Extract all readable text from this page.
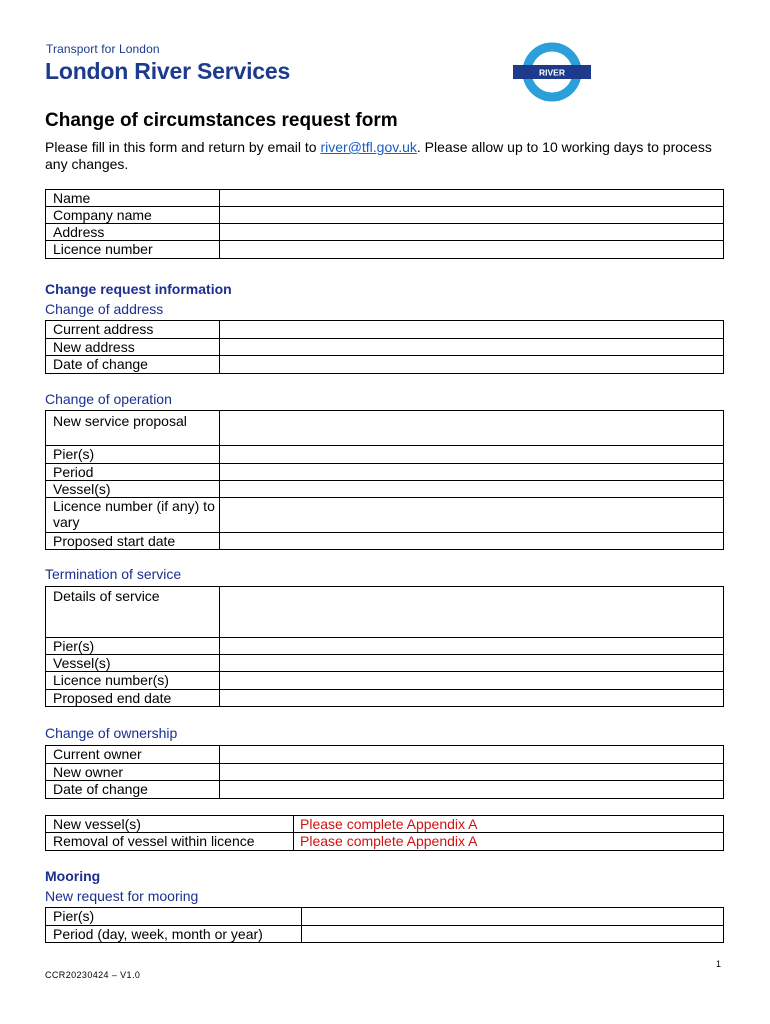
Transport for London
London River Services	RIVER
Change of circumstances request form
Please fill in this form and return by email to river@tfl.gov.uk. Please allow up to 10 working days to process any changes.
Name	
Company name	
Address	
Licence number	
Change request information
Change of address
Current address	
New address	
Date of change	
Change of operation
New service proposal	
Pier(s)	
Period	
Vessel(s)	
Licence number (if any) to vary	
Proposed start date	
Termination of service
Details of service	
Pier(s)	
Vessel(s)	
Licence number(s)	
Proposed end date	
Change of ownership
Current owner	
New owner	
Date of change	
New vessel(s)	Please complete Appendix A
Removal of vessel within licence	Please complete Appendix A
Mooring
New request for mooring
Pier(s)	
Period (day, week, month or year)	
1
CCR20230424 – V1.0
